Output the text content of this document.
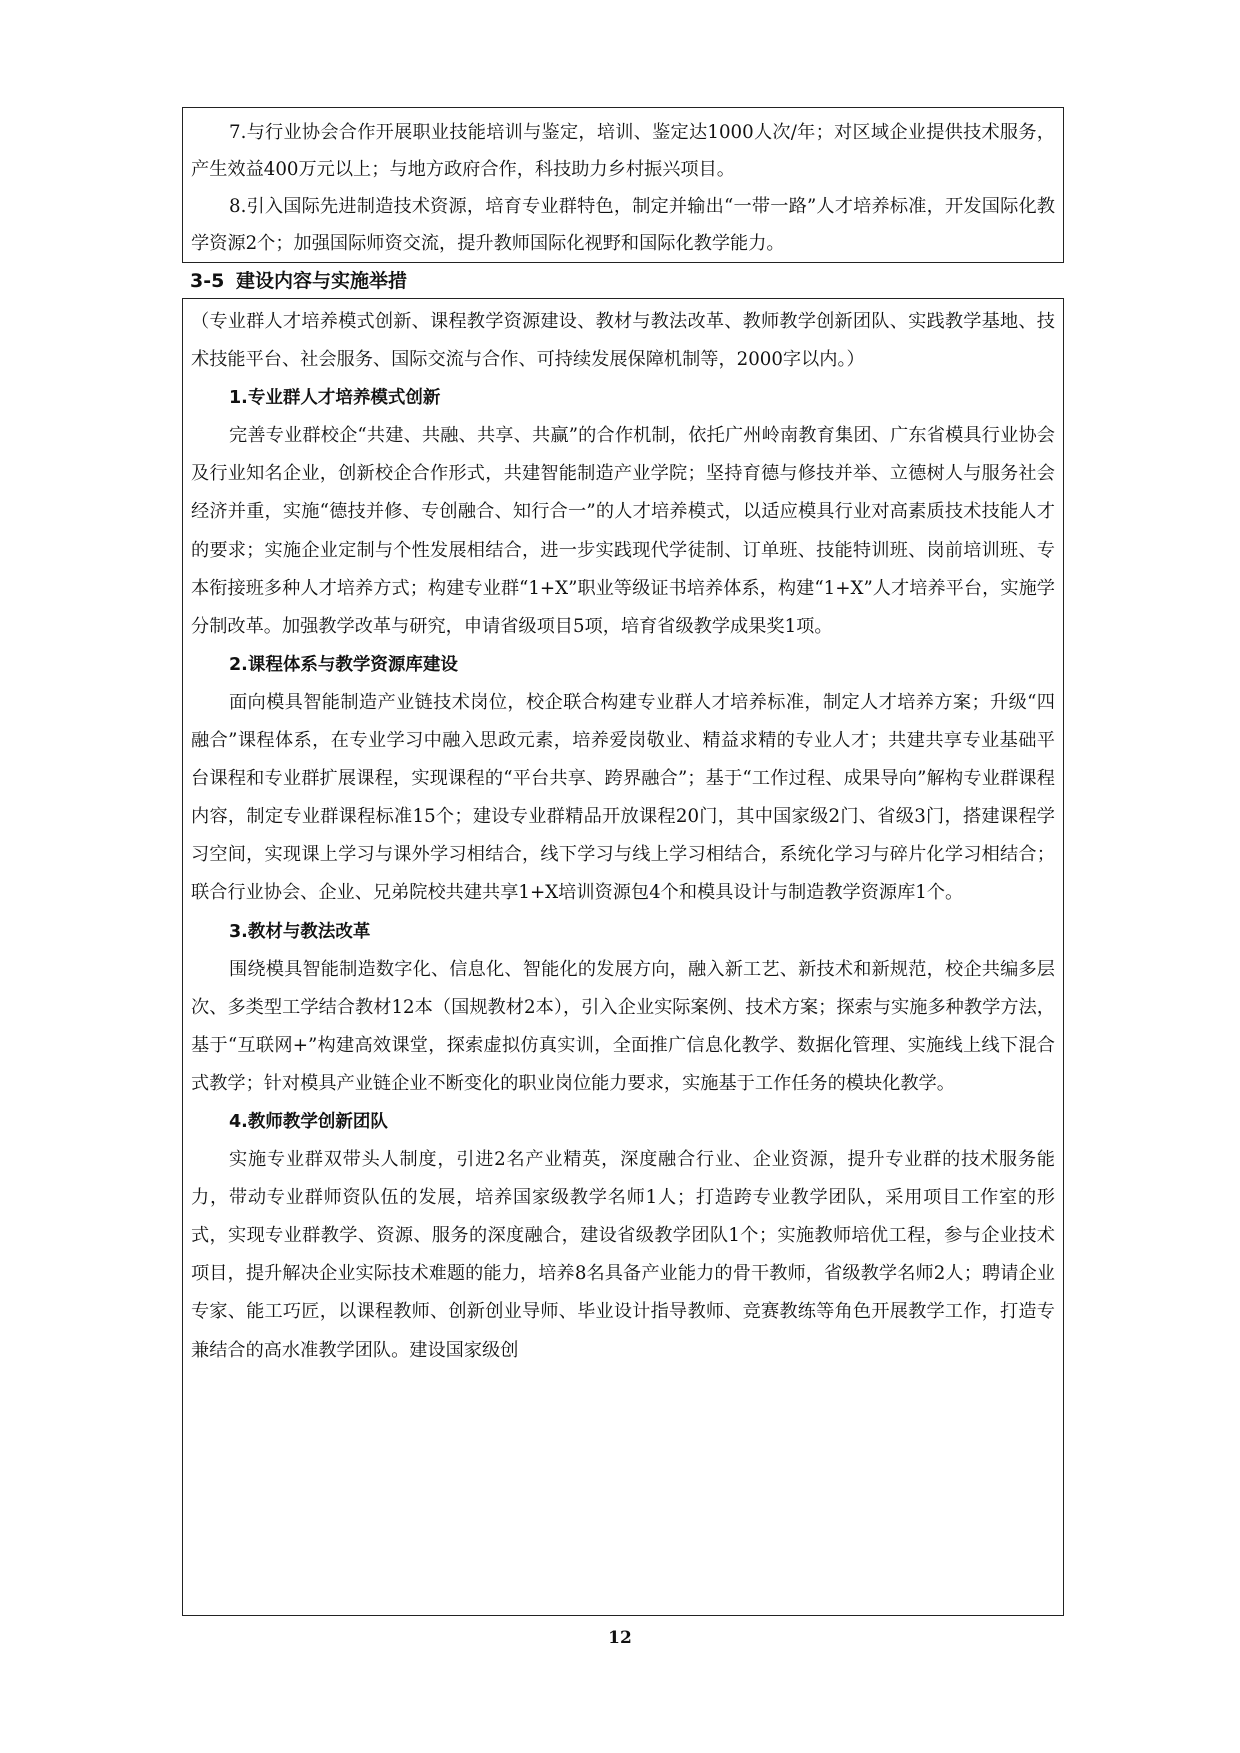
7.与行业协会合作开展职业技能培训与鉴定，培训、鉴定达1000人次/年；对区域企业提供技术服务，产生效益400万元以上；与地方政府合作，科技助力乡村振兴项目。

8.引入国际先进制造技术资源，培育专业群特色，制定并输出“一带一路”人才培养标准，开发国际化教学资源2个；加强国际师资交流，提升教师国际化视野和国际化教学能力。

3-5 建设内容与实施举措

（专业群人才培养模式创新、课程教学资源建设、教材与教法改革、教师教学创新团队、实践教学基地、技术技能平台、社会服务、国际交流与合作、可持续发展保障机制等，2000字以内。）

1.专业群人才培养模式创新

完善专业群校企“共建、共融、共享、共赢”的合作机制，依托广州岭南教育集团、广东省模具行业协会及行业知名企业，创新校企合作形式，共建智能制造产业学院；坚持育德与修技并举、立德树人与服务社会经济并重，实施“德技并修、专创融合、知行合一”的人才培养模式，以适应模具行业对高素质技术技能人才的要求；实施企业定制与个性发展相结合，进一步实践现代学徒制、订单班、技能特训班、岗前培训班、专本衔接班多种人才培养方式；构建专业群“1+X”职业等级证书培养体系，构建“1+X”人才培养平台，实施学分制改革。加强教学改革与研究，申请省级项目5项，培育省级教学成果奖1项。

2.课程体系与教学资源库建设

面向模具智能制造产业链技术岗位，校企联合构建专业群人才培养标准，制定人才培养方案；升级“四融合”课程体系，在专业学习中融入思政元素，培养爱岗敬业、精益求精的专业人才；共建共享专业基础平台课程和专业群扩展课程，实现课程的“平台共享、跨界融合”；基于“工作过程、成果导向”解构专业群课程内容，制定专业群课程标准15个；建设专业群精品开放课程20门，其中国家级2门、省级3门，搭建课程学习空间，实现课上学习与课外学习相结合，线下学习与线上学习相结合，系统化学习与碎片化学习相结合；联合行业协会、企业、兄弟院校共建共享1+X培训资源包4个和模具设计与制造教学资源库1个。

3.教材与教法改革

围绕模具智能制造数字化、信息化、智能化的发展方向，融入新工艺、新技术和新规范，校企共编多层次、多类型工学结合教材12本（国规教材2本），引入企业实际案例、技术方案；探索与实施多种教学方法，基于“互联网+”构建高效课堂，探索虚拟仿真实训，全面推广信息化教学、数据化管理、实施线上线下混合式教学；针对模具产业链企业不断变化的职业岗位能力要求，实施基于工作任务的模块化教学。

4.教师教学创新团队

实施专业群双带头人制度，引进2名产业精英，深度融合行业、企业资源，提升专业群的技术服务能力，带动专业群师资队伍的发展，培养国家级教学名师1人；打造跨专业教学团队，采用项目工作室的形式，实现专业群教学、资源、服务的深度融合，建设省级教学团队1个；实施教师培优工程，参与企业技术项目，提升解决企业实际技术难题的能力，培养8名具备产业能力的骨干教师，省级教学名师2人；聘请企业专家、能工巧匠，以课程教师、创新创业导师、毕业设计指导教师、竞赛教练等角色开展教学工作，打造专兼结合的高水准教学团队。建设国家级创

12
